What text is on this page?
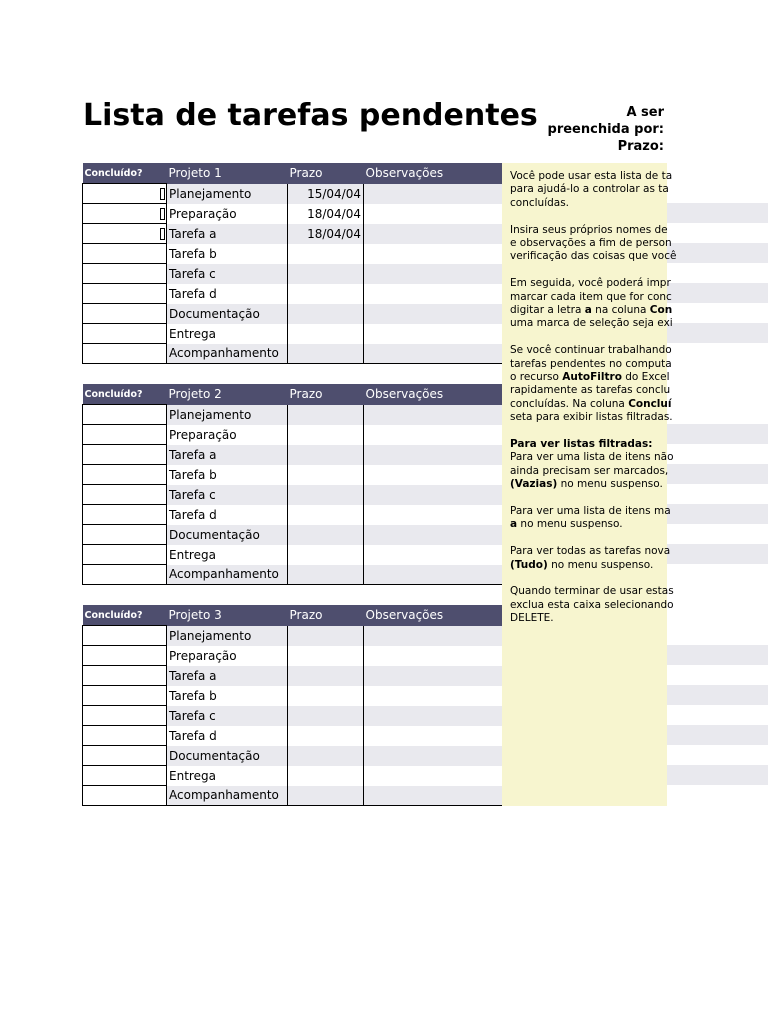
Lista de tarefas pendentes	A ser
preenchida por:
Prazo:
Concluído?	Projeto 1	Prazo	Observações
	Planejamento	15/04/04	
	Preparação	18/04/04	
	Tarefa a	18/04/04	
	Tarefa b		
	Tarefa c		
	Tarefa d		
	Documentação		
	Entrega		
	Acompanhamento		
Concluído?	Projeto 2	Prazo	Observações
	Planejamento		
	Preparação		
	Tarefa a		
	Tarefa b		
	Tarefa c		
	Tarefa d		
	Documentação		
	Entrega		
	Acompanhamento		
Concluído?	Projeto 3	Prazo	Observações
	Planejamento		
	Preparação		
	Tarefa a		
	Tarefa b		
	Tarefa c		
	Tarefa d		
	Documentação		
	Entrega		
	Acompanhamento		

Você pode usar esta lista de ta
para ajudá-lo a controlar as ta
concluídas.

Insira seus próprios nomes de
e observações a fim de person
verificação das coisas que você

Em seguida, você poderá impr
marcar cada item que for conc
digitar a letra a na coluna Con
uma marca de seleção seja exi

Se você continuar trabalhando
tarefas pendentes no computa
o recurso AutoFiltro do Excel
rapidamente as tarefas conclu
concluídas. Na coluna Concluí
seta para exibir listas filtradas.

Para ver listas filtradas:
Para ver uma lista de itens não
ainda precisam ser marcados,
(Vazias) no menu suspenso.

Para ver uma lista de itens ma
a no menu suspenso.

Para ver todas as tarefas nova
(Tudo) no menu suspenso.

Quando terminar de usar estas
exclua esta caixa selecionando
DELETE.
